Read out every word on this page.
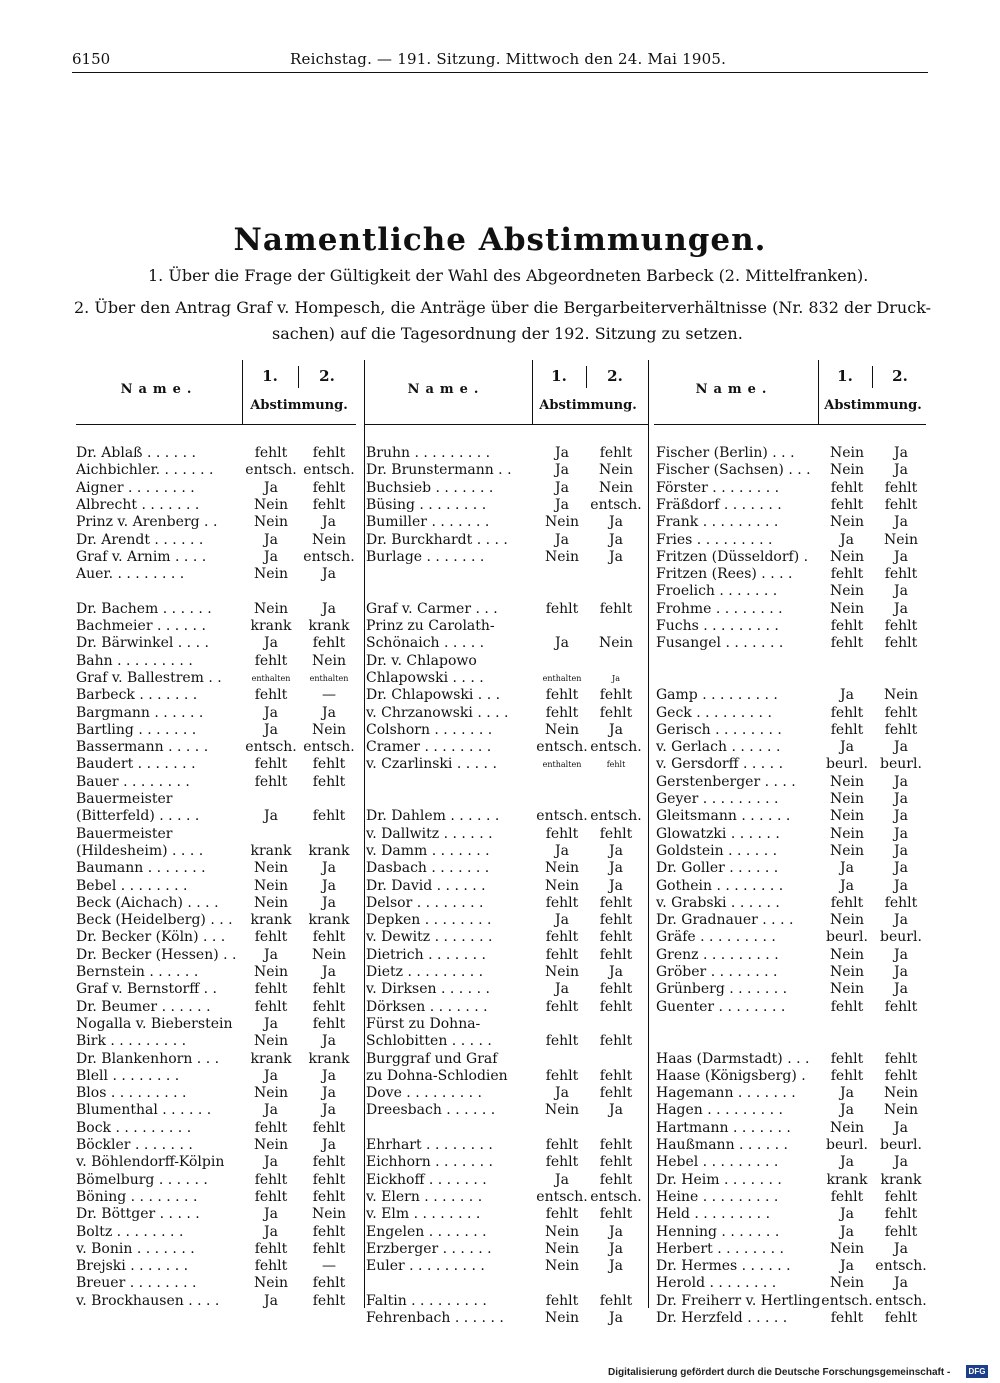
6150	Reichstag. — 191. Sitzung. Mittwoch den 24. Mai 1905.
Namentliche Abstimmungen.
1. Über die Frage der Gültigkeit der Wahl des Abgeordneten Barbeck (2. Mittelfranken).
2. Über den Antrag Graf v. Hompesch, die Anträge über die Bergarbeiterverhältnisse (Nr. 832 der Druck-
sachen) auf die Tagesordnung der 192. Sitzung zu setzen.
Name.
1.	2.
Abstimmung.
Dr. Ablaß . . . . . .	fehlt	fehlt
Aichbichler. . . . . . . entsch. entsch.
Aigner . . . . . . . .	Ja	fehlt
Albrecht . . . . . . .	Nein	fehlt
Prinz v. Arenberg . .	Nein	Ja
Dr. Arendt . . . . . .	Ja	Nein
Graf v. Arnim . . . .	Ja	entsch.
Auer. . . . . . . . .	Nein	Ja
Dr. Bachem . . . . . .	Nein	Ja
Bachmeier . . . . . .	krank	krank
Dr. Bärwinkel . . . .	Ja	fehlt
Bahn . . . . . . . . .	fehlt	Nein
Graf v. Ballestrem . .	enthalten	enthalten
Barbeck . . . . . . .	fehlt	—
Bargmann . . . . . .	Ja	Ja
Bartling . . . . . . .	Ja	Nein
Bassermann . . . . .	entsch. entsch.
Baudert . . . . . . .	fehlt	fehlt
Bauer . . . . . . . .	fehlt	fehlt
Bauermeister
(Bitterfeld) . . . . .	Ja	fehlt
Bauermeister
(Hildesheim) . . . .	krank	krank
Baumann . . . . . . .	Nein	Ja
Bebel . . . . . . . .	Nein	Ja
Beck (Aichach) . . . .	Nein	Ja
Beck (Heidelberg) . . .	krank	krank
Dr. Becker (Köln) . . .	fehlt	fehlt
Dr. Becker (Hessen) . .	Ja	Nein
Bernstein . . . . . .	Nein	Ja
Graf v. Bernstorff . .	fehlt	fehlt
Dr. Beumer . . . . . .	fehlt	fehlt
Nogalla v. Bieberstein	Ja	fehlt
Birk . . . . . . . . .	Nein	Ja
Dr. Blankenhorn . . .	krank	krank
Blell . . . . . . . .	Ja	Ja
Blos . . . . . . . . .	Nein	Ja
Blumenthal . . . . . .	Ja	Ja
Bock . . . . . . . . .	fehlt	fehlt
Böckler . . . . . . .	Nein	Ja
v. Böhlendorff-Kölpin	Ja	fehlt
Bömelburg . . . . . .	fehlt	fehlt
Böning . . . . . . . .	fehlt	fehlt
Dr. Böttger . . . . .	Ja	Nein
Boltz . . . . . . . .	Ja	fehlt
v. Bonin . . . . . . .	fehlt	fehlt
Brejski . . . . . . .	fehlt	—
Breuer . . . . . . . .	Nein	fehlt
v. Brockhausen . . . .	Ja	fehlt
Name.
1.	2.
Abstimmung.
Bruhn . . . . . . . . .	Ja	fehlt
Dr. Brunstermann . .	Ja	Nein
Buchsieb . . . . . . .	Ja	Nein
Büsing . . . . . . . .	Ja	entsch.
Bumiller . . . . . . .	Nein	Ja
Dr. Burckhardt . . . .	Ja	Ja
Burlage . . . . . . .	Nein	Ja
Graf v. Carmer . . .	fehlt	fehlt
Prinz zu Carolath-
Schönaich . . . . .	Ja	Nein
Dr. v. Chlapowo
Chlapowski . . . .	enthalten	Ja
Dr. Chlapowski . . .	fehlt	fehlt
v. Chrzanowski . . . .	fehlt	fehlt
Colshorn . . . . . . .	Nein	Ja
Cramer . . . . . . . .	entsch. entsch.
v. Czarlinski . . . . .	enthalten	fehlt
Dr. Dahlem . . . . . .	entsch. entsch.
v. Dallwitz . . . . . .	fehlt	fehlt
v. Damm . . . . . . .	Ja	Ja
Dasbach . . . . . . .	Nein	Ja
Dr. David . . . . . .	Nein	Ja
Delsor . . . . . . . .	fehlt	fehlt
Depken . . . . . . . .	Ja	fehlt
v. Dewitz . . . . . . .	fehlt	fehlt
Dietrich . . . . . . .	fehlt	fehlt
Dietz . . . . . . . . .	Nein	Ja
v. Dirksen . . . . . .	Ja	fehlt
Dörksen . . . . . . .	fehlt	fehlt
Fürst zu Dohna-
Schlobitten . . . . .	fehlt	fehlt
Burggraf und Graf
zu Dohna-Schlodien	fehlt	fehlt
Dove . . . . . . . . .	Ja	fehlt
Dreesbach . . . . . .	Nein	Ja
Ehrhart . . . . . . . .	fehlt	fehlt
Eichhorn . . . . . . .	fehlt	fehlt
Eickhoff . . . . . . .	Ja	fehlt
v. Elern . . . . . . .	entsch. entsch.
v. Elm . . . . . . . .	fehlt	fehlt
Engelen . . . . . . .	Nein	Ja
Erzberger . . . . . .	Nein	Ja
Euler . . . . . . . . .	Nein	Ja
Faltin . . . . . . . . .	fehlt	fehlt
Fehrenbach . . . . . .	Nein	Ja
Name.
1.	2.
Abstimmung.
Fischer (Berlin) . . .	Nein	Ja
Fischer (Sachsen) . . .	Nein	Ja
Förster . . . . . . . .	fehlt	fehlt
Fräßdorf . . . . . . .	fehlt	fehlt
Frank . . . . . . . . .	Nein	Ja
Fries . . . . . . . . .	Ja	Nein
Fritzen (Düsseldorf) .	Nein	Ja
Fritzen (Rees) . . . .	fehlt	fehlt
Froelich . . . . . . .	Nein	Ja
Frohme . . . . . . . .	Nein	Ja
Fuchs . . . . . . . . .	fehlt	fehlt
Fusangel . . . . . . .	fehlt	fehlt
Gamp . . . . . . . . .	Ja	Nein
Geck . . . . . . . . .	fehlt	fehlt
Gerisch . . . . . . . .	fehlt	fehlt
v. Gerlach . . . . . .	Ja	Ja
v. Gersdorff . . . . .	beurl. beurl.
Gerstenberger . . . .	Nein	Ja
Geyer . . . . . . . . .	Nein	Ja
Gleitsmann . . . . . .	Nein	Ja
Glowatzki . . . . . .	Nein	Ja
Goldstein . . . . . .	Nein	Ja
Dr. Goller . . . . . .	Ja	Ja
Gothein . . . . . . . .	Ja	Ja
v. Grabski . . . . . .	fehlt	fehlt
Dr. Gradnauer . . . .	Nein	Ja
Gräfe . . . . . . . . .	beurl. beurl.
Grenz . . . . . . . . .	Nein	Ja
Gröber . . . . . . . .	Nein	Ja
Grünberg . . . . . . .	Nein	Ja
Guenter . . . . . . . .	fehlt	fehlt
Haas (Darmstadt) . . .	fehlt	fehlt
Haase (Königsberg) .	fehlt	fehlt
Hagemann . . . . . . .	Ja	Nein
Hagen . . . . . . . . .	Ja	Nein
Hartmann . . . . . . .	Nein	Ja
Haußmann . . . . . .	beurl. beurl.
Hebel . . . . . . . . .	Ja	Ja
Dr. Heim . . . . . . .	krank krank
Heine . . . . . . . . .	fehlt	fehlt
Held . . . . . . . . .	Ja	fehlt
Henning . . . . . . .	Ja	fehlt
Herbert . . . . . . . .	Nein	Ja
Dr. Hermes . . . . . .	Ja	entsch.
Herold . . . . . . . .	Nein	Ja
Dr. Freiherr v. Hertling entsch. entsch.
Dr. Herzfeld . . . . .	fehlt	fehlt
Digitalisierung gefördert durch die Deutsche Forschungsgemeinschaft -	DFG
